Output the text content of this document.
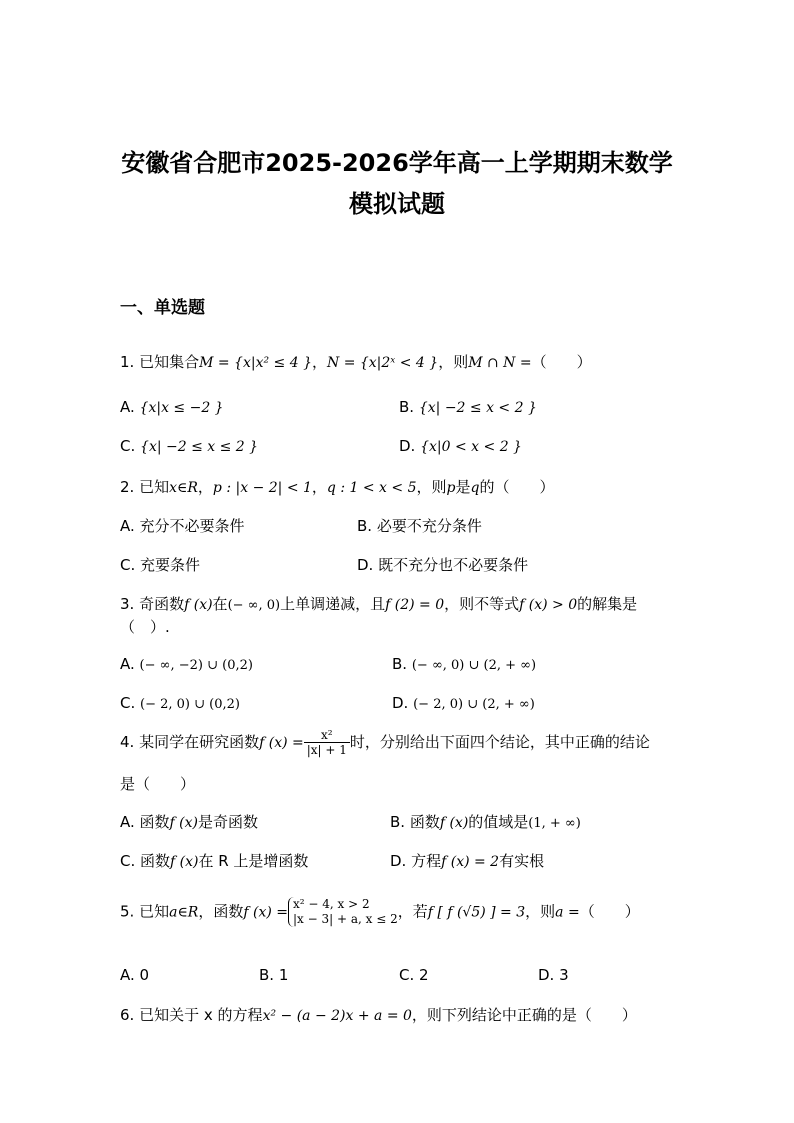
安徽省合肥市2025-2026学年高一上学期期末数学
模拟试题
一、单选题
1. 已知集合M = {x|x² ≤ 4 }，N = {x|2ˣ < 4 }，则M ∩ N =（　　）
A. {x|x ≤ −2 }	B. {x| −2 ≤ x < 2 }
C. {x| −2 ≤ x ≤ 2 }	D. {x|0 < x < 2 }
2. 已知x∈R，p : |x − 2| < 1，q : 1 < x < 5，则p是q的（　　）
A. 充分不必要条件	B. 必要不充分条件
C. 充要条件	D. 既不充分也不必要条件
3. 奇函数f (x)在(− ∞, 0)上单调递减，且f (2) = 0，则不等式f (x) > 0的解集是
（　）.
A. (− ∞, −2) ∪ (0,2)	B. (− ∞, 0) ∪ (2, + ∞)
C. (− 2, 0) ∪ (0,2)	D. (− 2, 0) ∪ (2, + ∞)
4. 某同学在研究函数f $(x) = \frac{\text{x²}}{|x| + 1}$ 时，分别给出下面四个结论，其中正确的结论
是（　　）
A. 函数f (x)是奇函数	B. 函数f (x)的值域是(1, + ∞)
C. 函数f (x)在 R 上是增函数	D. 方程f (x) = 2有实根
5. 已知a∈R，函数f (x) =
x² − 4, x > 2
|x − 3| + a, x ≤ 2 ，若f [ f (√5) ] = 3，则a =（　　）
A. 0	B. 1	C. 2	D. 3
6. 已知关于 x 的方程x² − (a − 2)x + a = 0，则下列结论中正确的是（　　）
